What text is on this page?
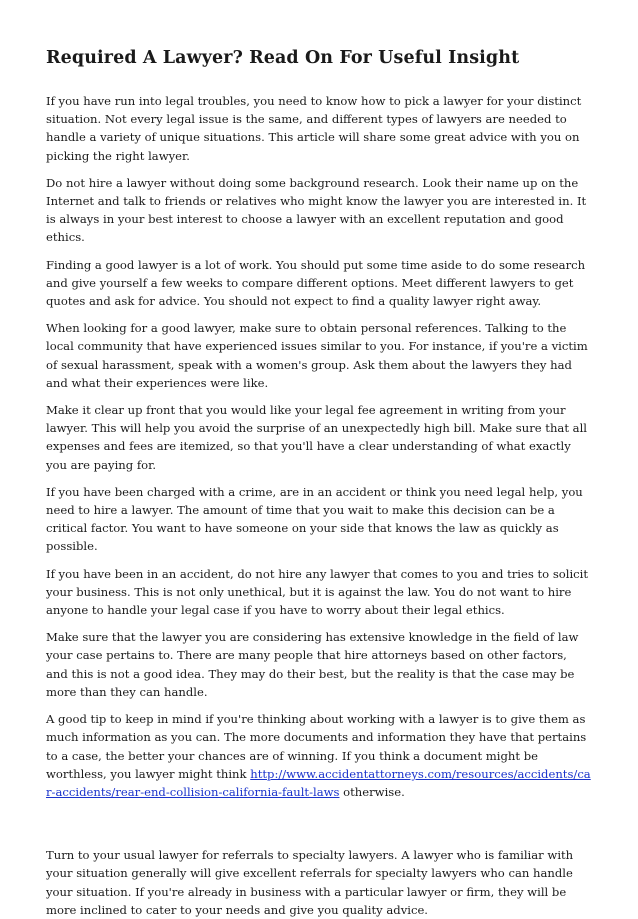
Required A Lawyer? Read On For Useful Insight

If you have run into legal troubles, you need to know how to pick a lawyer for your distinct situation. Not every legal issue is the same, and different types of lawyers are needed to handle a variety of unique situations. This article will share some great advice with you on picking the right lawyer.

Do not hire a lawyer without doing some background research. Look their name up on the Internet and talk to friends or relatives who might know the lawyer you are interested in. It is always in your best interest to choose a lawyer with an excellent reputation and good ethics.

Finding a good lawyer is a lot of work. You should put some time aside to do some research and give yourself a few weeks to compare different options. Meet different lawyers to get quotes and ask for advice. You should not expect to find a quality lawyer right away.

When looking for a good lawyer, make sure to obtain personal references. Talking to the local community that have experienced issues similar to you. For instance, if you're a victim of sexual harassment, speak with a women's group. Ask them about the lawyers they had and what their experiences were like.

Make it clear up front that you would like your legal fee agreement in writing from your lawyer. This will help you avoid the surprise of an unexpectedly high bill. Make sure that all expenses and fees are itemized, so that you'll have a clear understanding of what exactly you are paying for.

If you have been charged with a crime, are in an accident or think you need legal help, you need to hire a lawyer. The amount of time that you wait to make this decision can be a critical factor. You want to have someone on your side that knows the law as quickly as possible.

If you have been in an accident, do not hire any lawyer that comes to you and tries to solicit your business. This is not only unethical, but it is against the law. You do not want to hire anyone to handle your legal case if you have to worry about their legal ethics.

Make sure that the lawyer you are considering has extensive knowledge in the field of law your case pertains to. There are many people that hire attorneys based on other factors, and this is not a good idea. They may do their best, but the reality is that the case may be more than they can handle.

A good tip to keep in mind if you're thinking about working with a lawyer is to give them as much information as you can. The more documents and information they have that pertains to a case, the better your chances are of winning. If you think a document might be worthless, you lawyer might think http://www.accidentattorneys.com/resources/accidents/car-accidents/rear-end-collision-california-fault-laws otherwise.

Turn to your usual lawyer for referrals to specialty lawyers. A lawyer who is familiar with your situation generally will give excellent referrals for specialty lawyers who can handle your situation. If you're already in business with a particular lawyer or firm, they will be more inclined to cater to your needs and give you quality advice.
